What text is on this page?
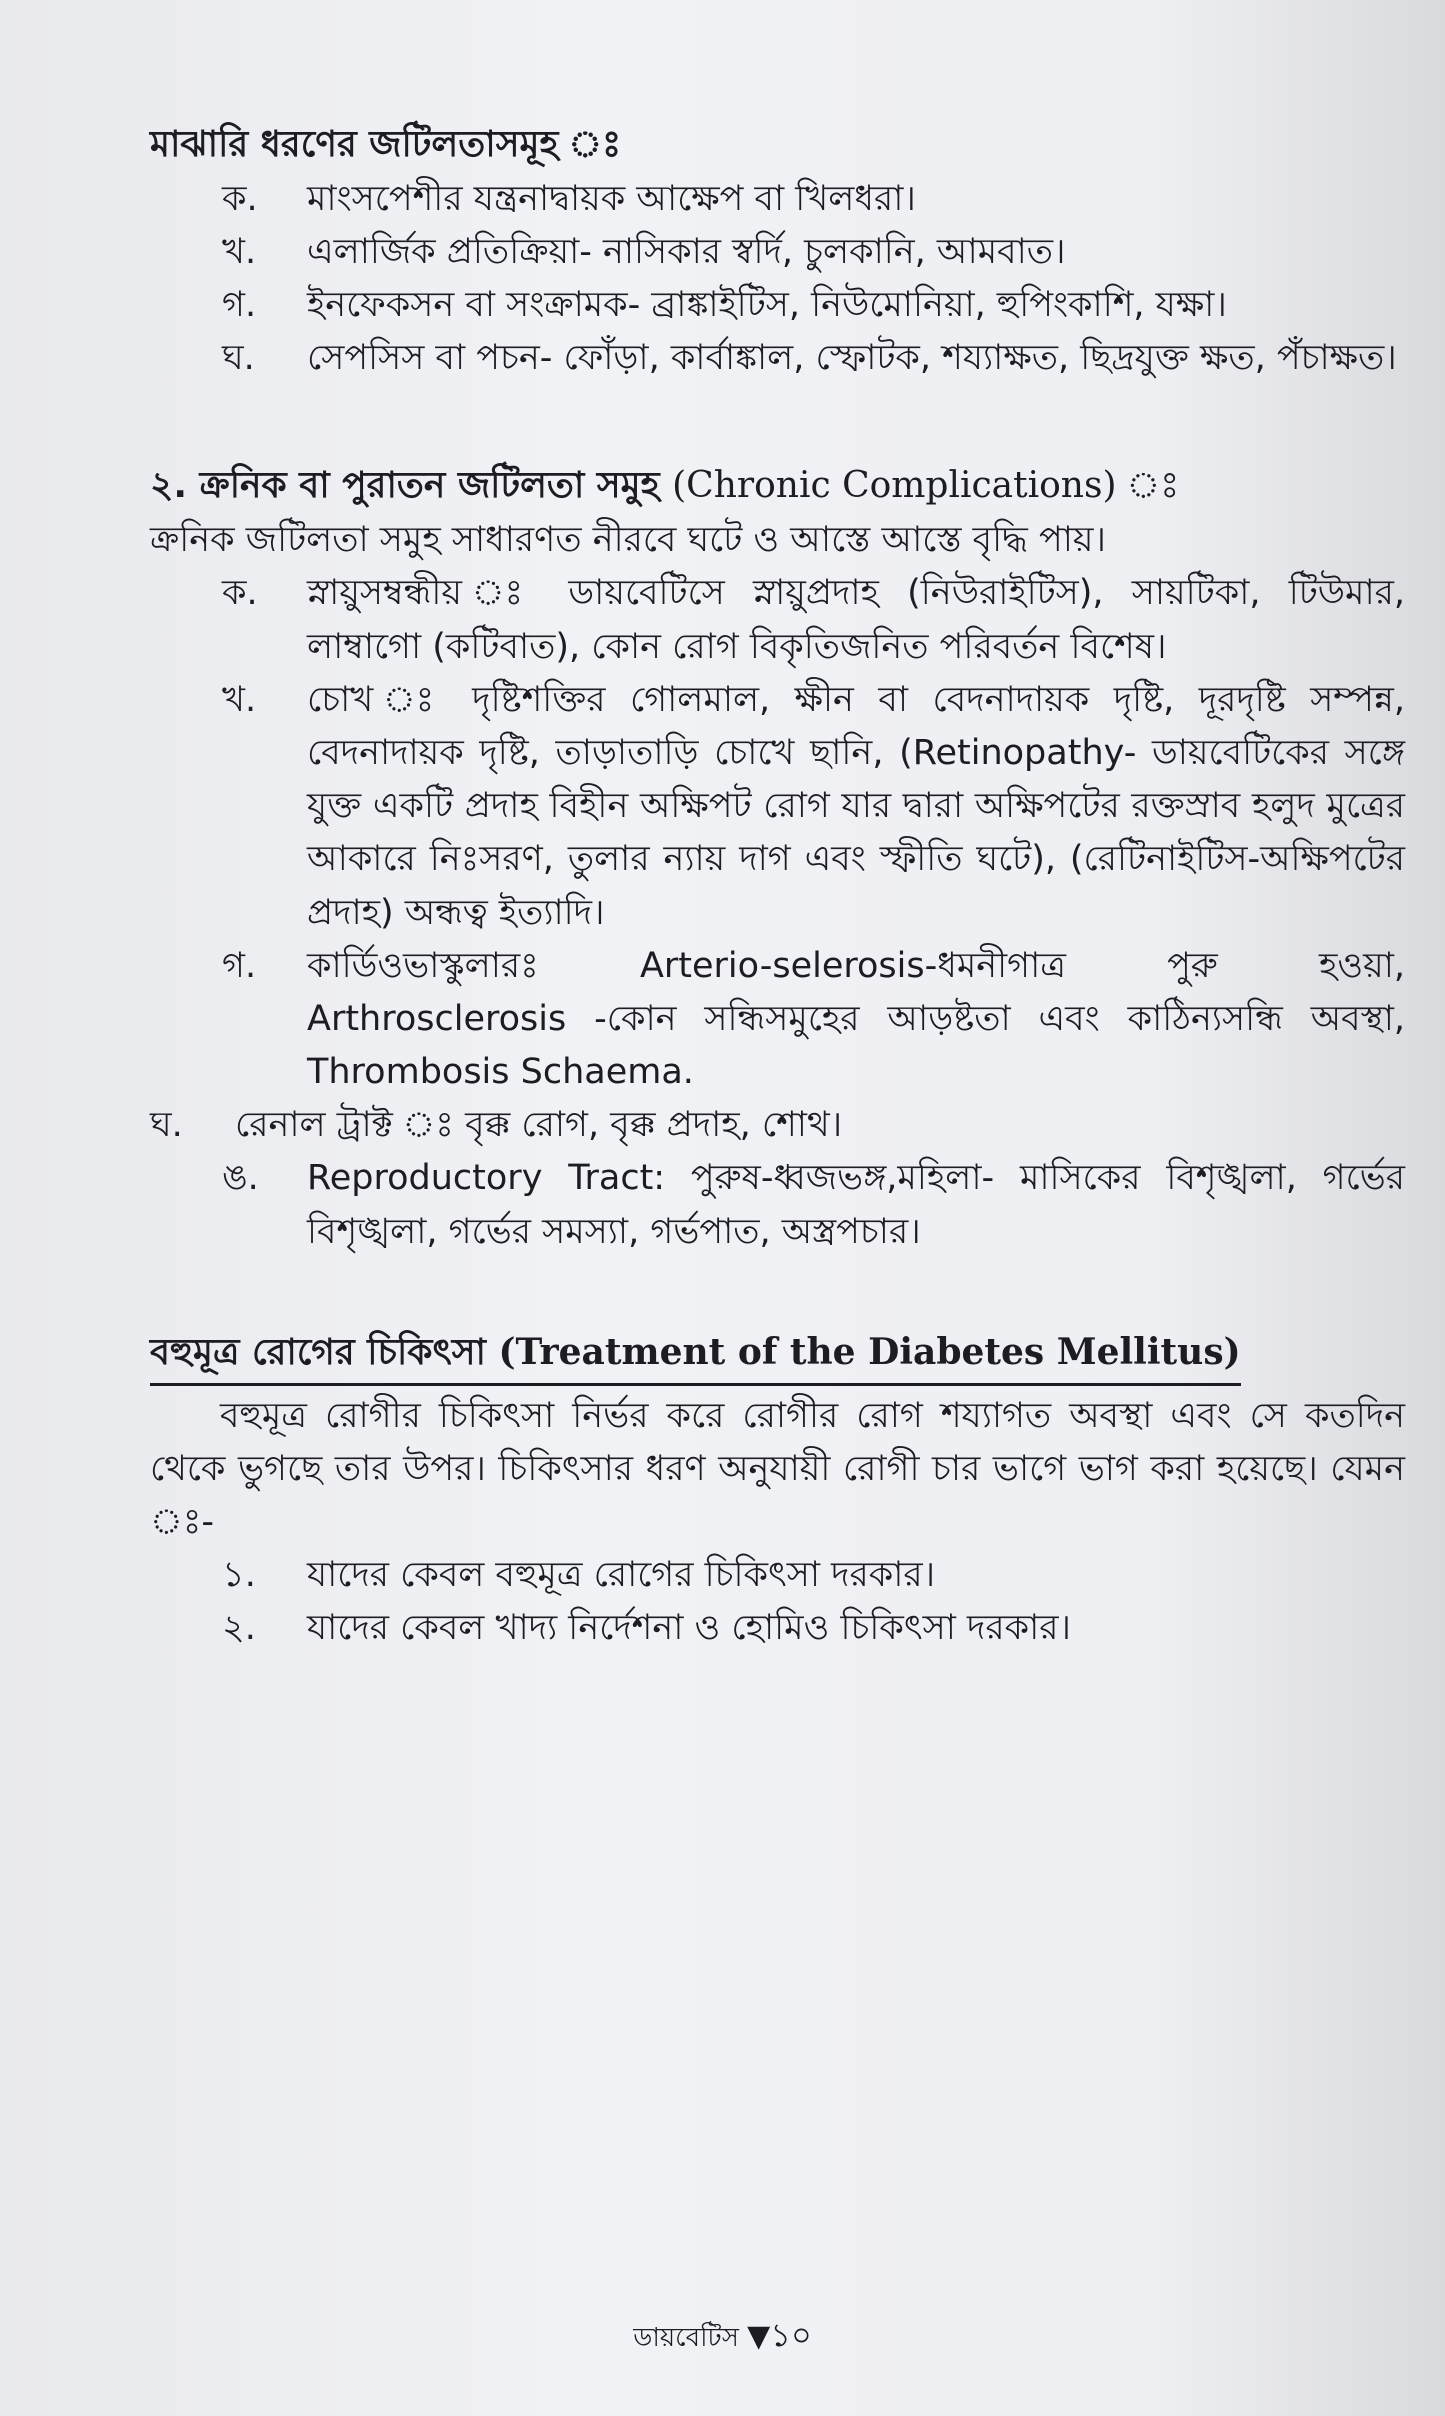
মাঝারি ধরণের জটিলতাসমূহ ঃ

ক.	মাংসপেশীর যন্ত্রনাদ্বায়ক আক্ষেপ বা খিলধরা।
খ.	এলার্জিক প্রতিক্রিয়া- নাসিকার স্বর্দি, চুলকানি, আমবাত।
গ.	ইনফেকসন বা সংক্রামক- ব্রাঙ্কাইটিস, নিউমোনিয়া, হুপিংকাশি, যক্ষা।
ঘ.	সেপসিস বা পচন- ফোঁড়া, কার্বাঙ্কাল, স্ফোটক, শয্যাক্ষত, ছিদ্রযুক্ত ক্ষত, পঁচাক্ষত।

২. ক্রনিক বা পুরাতন জটিলতা সমুহ (Chronic Complications) ঃ

ক্রনিক জটিলতা সমুহ সাধারণত নীরবে ঘটে ও আস্তে আস্তে বৃদ্ধি পায়।

ক.	স্নায়ুসম্বন্ধীয় ঃ ডায়বেটিসে স্নায়ুপ্রদাহ (নিউরাইটিস), সায়টিকা, টিউমার, লাম্বাগো (কটিবাত), কোন রোগ বিকৃতিজনিত পরিবর্তন বিশেষ।
খ.	চোখ ঃ দৃষ্টিশক্তির গোলমাল, ক্ষীন বা বেদনাদায়ক দৃষ্টি, দূরদৃষ্টি সম্পন্ন, বেদনাদায়ক দৃষ্টি, তাড়াতাড়ি চোখে ছানি, (Retinopathy- ডায়বেটিকের সঙ্গে যুক্ত একটি প্রদাহ বিহীন অক্ষিপট রোগ যার দ্বারা অক্ষিপটের রক্তস্রাব হলুদ মুত্রের আকারে নিঃসরণ, তুলার ন্যায় দাগ এবং স্ফীতি ঘটে), (রেটিনাইটিস-অক্ষিপটের প্রদাহ) অন্ধত্ব ইত্যাদি।
গ.	কার্ডিওভাস্কুলারঃ Arterio-selerosis-ধমনীগাত্র পুরু হওয়া, Arthrosclerosis -কোন সন্ধিসমুহের আড়ষ্টতা এবং কাঠিন্যসন্ধি অবস্থা, Thrombosis Schaema.
ঘ.	রেনাল ট্রাক্ট ঃ বৃক্ক রোগ, বৃক্ক প্রদাহ, শোথ।
ঙ.	Reproductory Tract: পুরুষ-ধ্বজভঙ্গ,মহিলা- মাসিকের বিশৃঙ্খলা, গর্ভের বিশৃঙ্খলা, গর্ভের সমস্যা, গর্ভপাত, অস্ত্রপচার।

বহুমূত্র রোগের চিকিৎসা (Treatment of the Diabetes Mellitus)

বহুমূত্র রোগীর চিকিৎসা নির্ভর করে রোগীর রোগ শয্যাগত অবস্থা এবং সে কতদিন থেকে ভুগছে তার উপর। চিকিৎসার ধরণ অনুযায়ী রোগী চার ভাগে ভাগ করা হয়েছে। যেমন ঃ-

১.	যাদের কেবল বহুমূত্র রোগের চিকিৎসা দরকার।
২.	যাদের কেবল খাদ্য নির্দেশনা ও হোমিও চিকিৎসা দরকার।
ডায়বেটিস ▼১০
